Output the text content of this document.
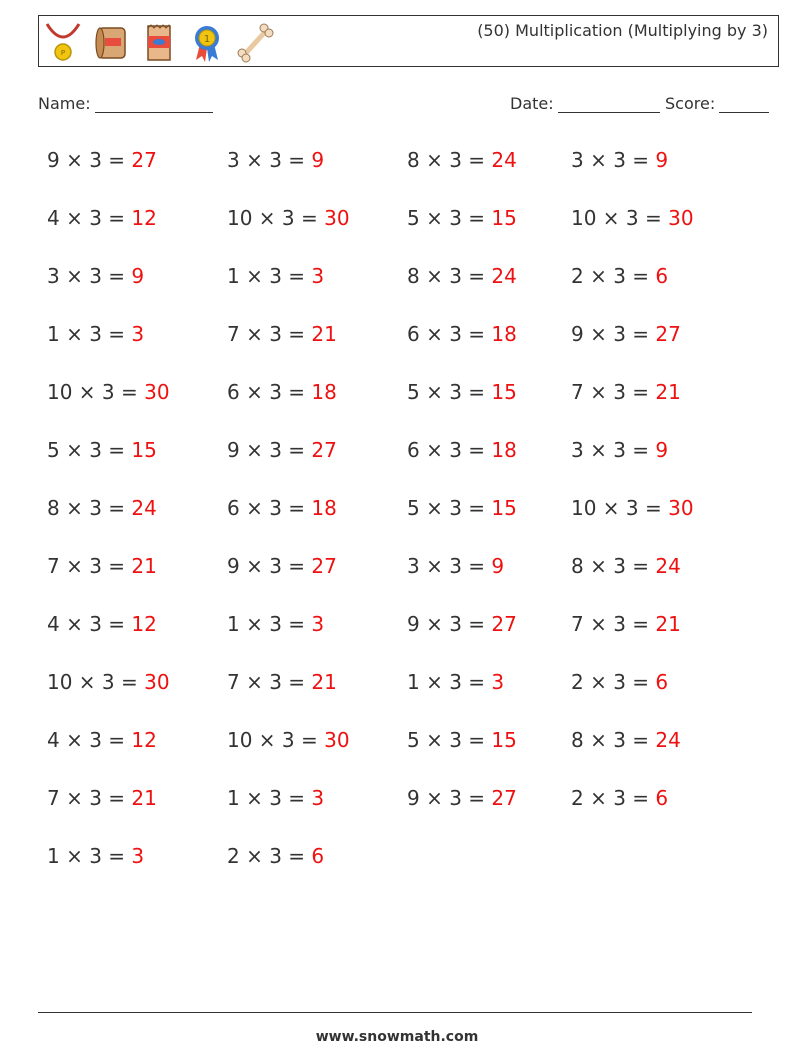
P
1	(50) Multiplication (Multiplying by 3)
Name:	Date:	Score:
9 × 3 = 27	3 × 3 = 9	8 × 3 = 24	3 × 3 = 9
4 × 3 = 12	10 × 3 = 30	5 × 3 = 15	10 × 3 = 30
3 × 3 = 9	1 × 3 = 3	8 × 3 = 24	2 × 3 = 6
1 × 3 = 3	7 × 3 = 21	6 × 3 = 18	9 × 3 = 27
10 × 3 = 30	6 × 3 = 18	5 × 3 = 15	7 × 3 = 21
5 × 3 = 15	9 × 3 = 27	6 × 3 = 18	3 × 3 = 9
8 × 3 = 24	6 × 3 = 18	5 × 3 = 15	10 × 3 = 30
7 × 3 = 21	9 × 3 = 27	3 × 3 = 9	8 × 3 = 24
4 × 3 = 12	1 × 3 = 3	9 × 3 = 27	7 × 3 = 21
10 × 3 = 30	7 × 3 = 21	1 × 3 = 3	2 × 3 = 6
4 × 3 = 12	10 × 3 = 30	5 × 3 = 15	8 × 3 = 24
7 × 3 = 21	1 × 3 = 3	9 × 3 = 27	2 × 3 = 6
1 × 3 = 3	2 × 3 = 6
www.snowmath.com
